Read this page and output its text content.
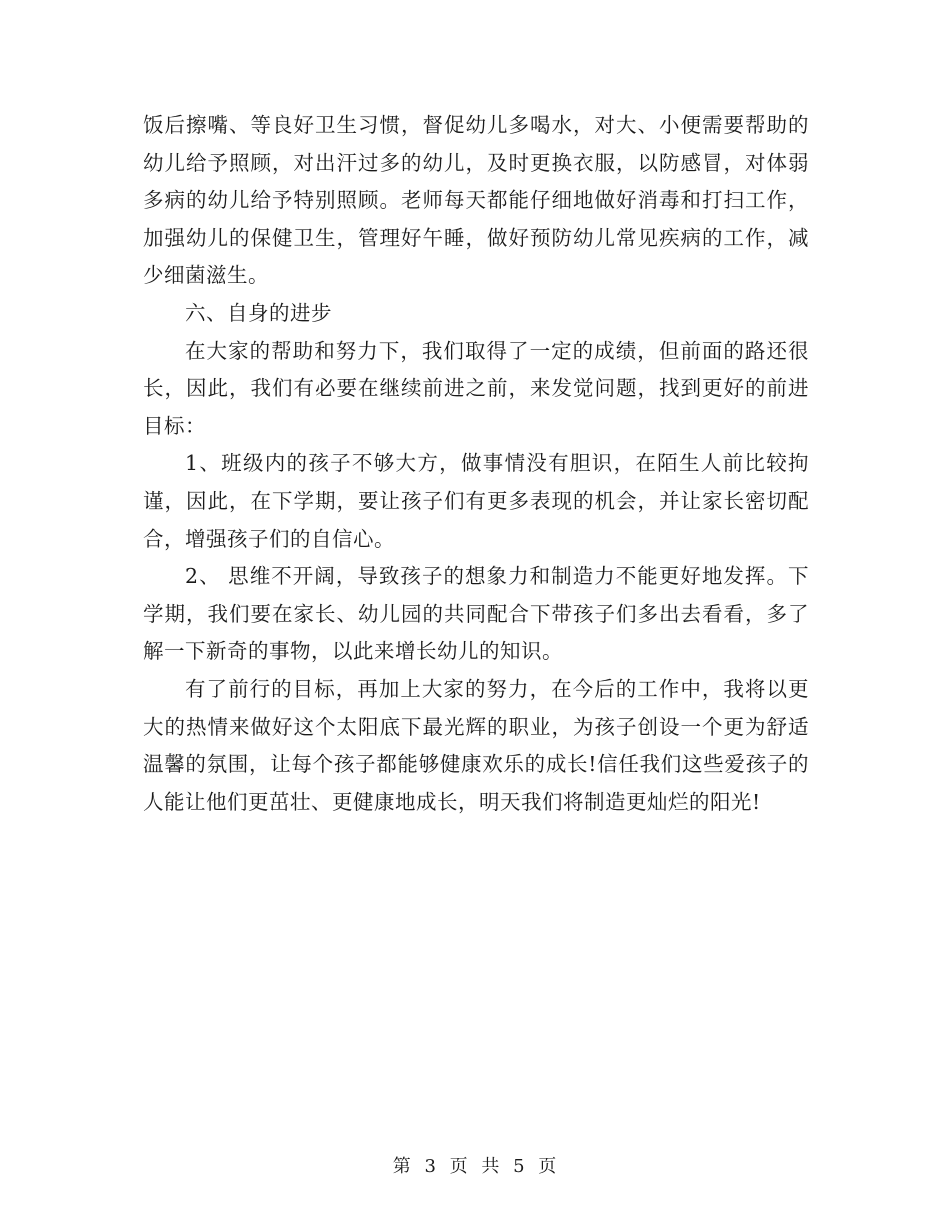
饭后擦嘴、等良好卫生习惯，督促幼儿多喝水，对大、小便需要帮助的幼儿给予照顾，对出汗过多的幼儿，及时更换衣服，以防感冒，对体弱多病的幼儿给予特别照顾。老师每天都能仔细地做好消毒和打扫工作，加强幼儿的保健卫生，管理好午睡，做好预防幼儿常见疾病的工作，减少细菌滋生。

六、自身的进步

在大家的帮助和努力下，我们取得了一定的成绩，但前面的路还很长，因此，我们有必要在继续前进之前，来发觉问题，找到更好的前进目标：

1、班级内的孩子不够大方，做事情没有胆识，在陌生人前比较拘谨，因此，在下学期，要让孩子们有更多表现的机会，并让家长密切配合，增强孩子们的自信心。

2、 思维不开阔，导致孩子的想象力和制造力不能更好地发挥。下学期，我们要在家长、幼儿园的共同配合下带孩子们多出去看看，多了解一下新奇的事物，以此来增长幼儿的知识。

有了前行的目标，再加上大家的努力，在今后的工作中，我将以更大的热情来做好这个太阳底下最光辉的职业，为孩子创设一个更为舒适温馨的氛围，让每个孩子都能够健康欢乐的成长!信任我们这些爱孩子的人能让他们更茁壮、更健康地成长，明天我们将制造更灿烂的阳光!

第 3 页 共 5 页
